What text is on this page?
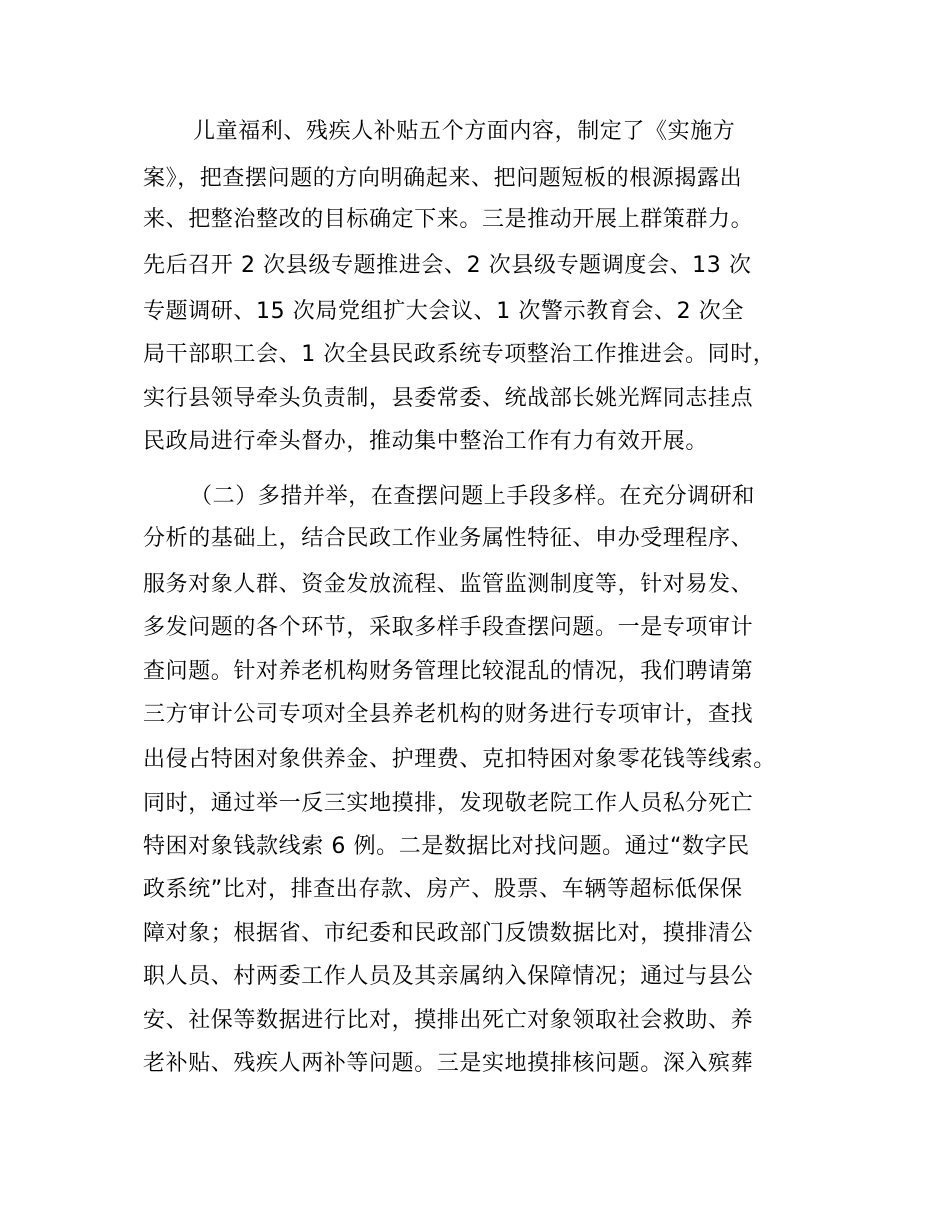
儿童福利、残疾人补贴五个方面内容，制定了《实施方
案》，把查摆问题的方向明确起来、把问题短板的根源揭露出
来、把整治整改的目标确定下来。三是推动开展上群策群力。
先后召开 2 次县级专题推进会、2 次县级专题调度会、13 次
专题调研、15 次局党组扩大会议、1 次警示教育会、2 次全
局干部职工会、1 次全县民政系统专项整治工作推进会。同时，
实行县领导牵头负责制，县委常委、统战部长姚光辉同志挂点
民政局进行牵头督办，推动集中整治工作有力有效开展。
（二）多措并举，在查摆问题上手段多样。在充分调研和
分析的基础上，结合民政工作业务属性特征、申办受理程序、
服务对象人群、资金发放流程、监管监测制度等，针对易发、
多发问题的各个环节，采取多样手段查摆问题。一是专项审计
查问题。针对养老机构财务管理比较混乱的情况，我们聘请第
三方审计公司专项对全县养老机构的财务进行专项审计，查找
出侵占特困对象供养金、护理费、克扣特困对象零花钱等线索。
同时，通过举一反三实地摸排，发现敬老院工作人员私分死亡
特困对象钱款线索 6 例。二是数据比对找问题。通过“数字民
政系统”比对，排查出存款、房产、股票、车辆等超标低保保
障对象；根据省、市纪委和民政部门反馈数据比对，摸排清公
职人员、村两委工作人员及其亲属纳入保障情况；通过与县公
安、社保等数据进行比对，摸排出死亡对象领取社会救助、养
老补贴、残疾人两补等问题。三是实地摸排核问题。深入殡葬
